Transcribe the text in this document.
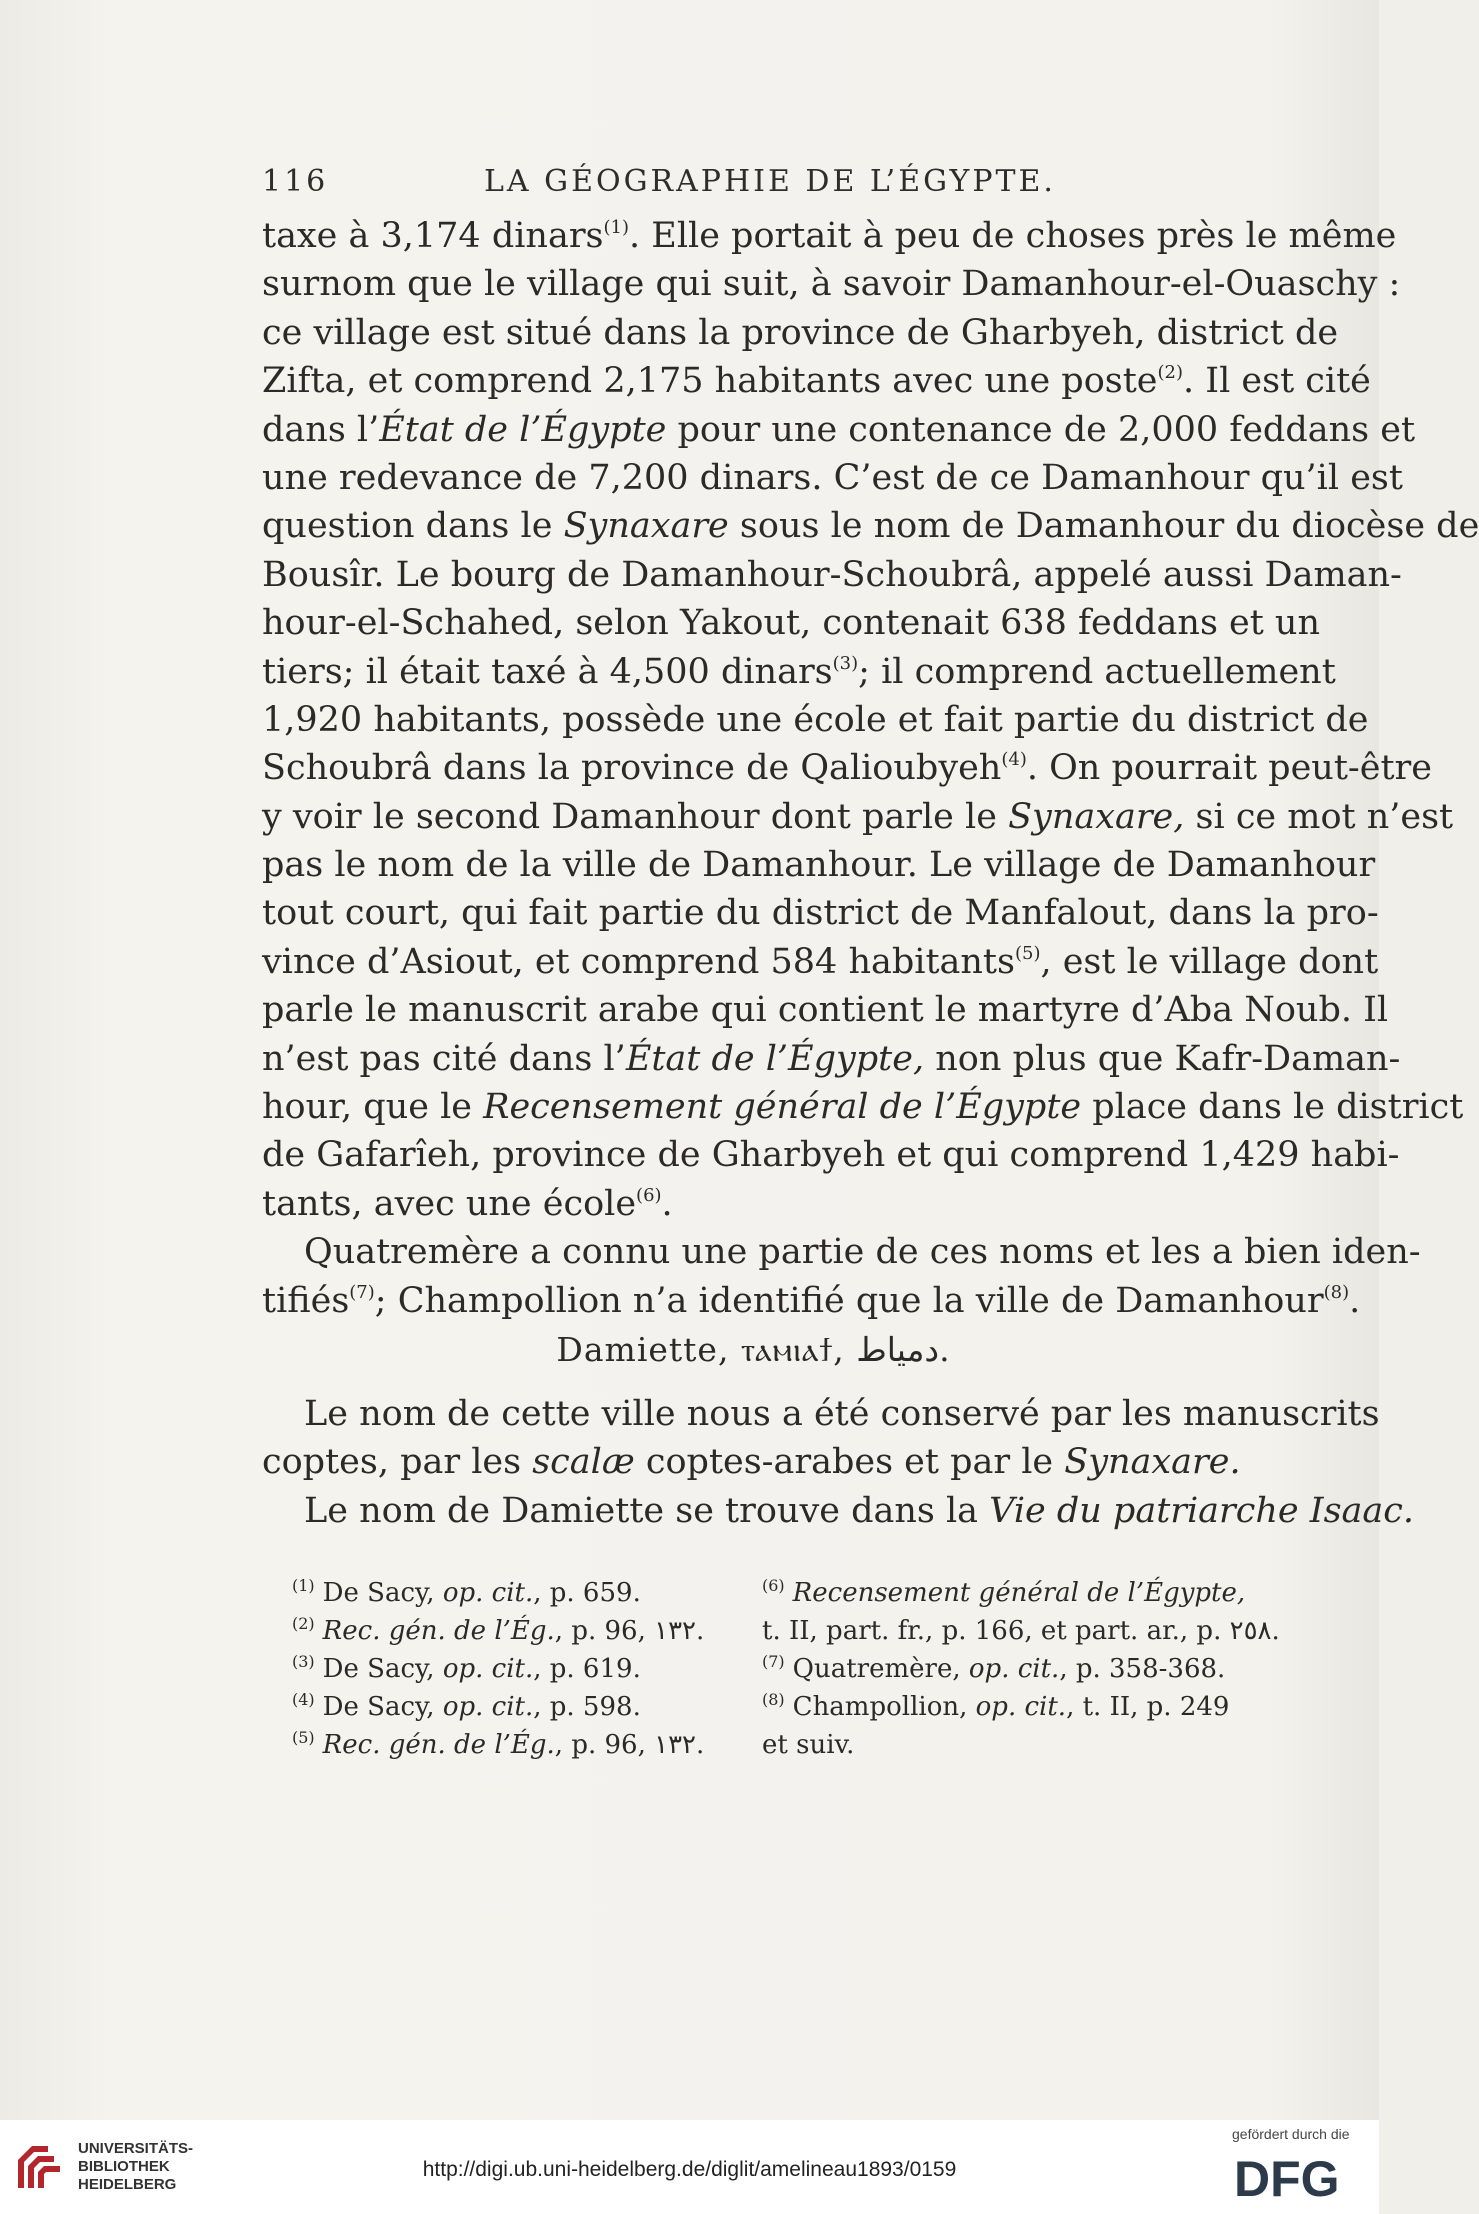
116	LA GÉOGRAPHIE DE L’ÉGYPTE.
taxe à 3,174 dinars$^{(1)}$. Elle portait à peu de choses près le même
surnom que le village qui suit, à savoir Damanhour-el-Ouaschy :
ce village est situé dans la province de Gharbyeh, district de
Zifta, et comprend 2,175 habitants avec une poste$^{(2)}$. Il est cité
dans l’État de l’Égypte pour une contenance de 2,000 feddans et
une redevance de 7,200 dinars. C’est de ce Damanhour qu’il est
question dans le Synaxare sous le nom de Damanhour du diocèse de
Bousîr. Le bourg de Damanhour-Schoubrâ, appelé aussi Daman-
hour-el-Schahed, selon Yakout, contenait 638 feddans et un
tiers; il était taxé à 4,500 dinars$^{(3)}$; il comprend actuellement
1,920 habitants, possède une école et fait partie du district de
Schoubrâ dans la province de Qalioubyeh$^{(4)}$. On pourrait peut-être
y voir le second Damanhour dont parle le Synaxare, si ce mot n’est
pas le nom de la ville de Damanhour. Le village de Damanhour
tout court, qui fait partie du district de Manfalout, dans la pro-
vince d’Asiout, et comprend 584 habitants$^{(5)}$, est le village dont
parle le manuscrit arabe qui contient le martyre d’Aba Noub. Il
n’est pas cité dans l’État de l’Égypte, non plus que Kafr-Daman-
hour, que le Recensement général de l’Égypte place dans le district
de Gafarîeh, province de Gharbyeh et qui comprend 1,429 habi-
tants, avec une école$^{(6)}$.
Quatremère a connu une partie de ces noms et les a bien iden-
tifiés$^{(7)}$; Champollion n’a identifié que la ville de Damanhour$^{(8)}$.
Damiette, ⲧⲁⲙⲓⲁϯ, دمياط.
Le nom de cette ville nous a été conservé par les manuscrits
coptes, par les scalæ coptes-arabes et par le Synaxare.
Le nom de Damiette se trouve dans la Vie du patriarche Isaac.
$^{(1)}$ De Sacy, op. cit., p. 659.
$^{(2)}$ Rec. gén. de l’Ég., p. 96, ١٣٢.
$^{(3)}$ De Sacy, op. cit., p. 619.
$^{(4)}$ De Sacy, op. cit., p. 598.
$^{(5)}$ Rec. gén. de l’Ég., p. 96, ١٣٢.
$^{(6)}$ Recensement général de l’Égypte,
t. II, part. fr., p. 166, et part. ar., p. ٢٥٨.
$^{(7)}$ Quatremère, op. cit., p. 358-368.
$^{(8)}$ Champollion, op. cit., t. II, p. 249
et suiv.
UNIVERSITÄTS-
BIBLIOTHEK
HEIDELBERG
http://digi.ub.uni-heidelberg.de/diglit/amelineau1893/0159
gefördert durch die
DFG
